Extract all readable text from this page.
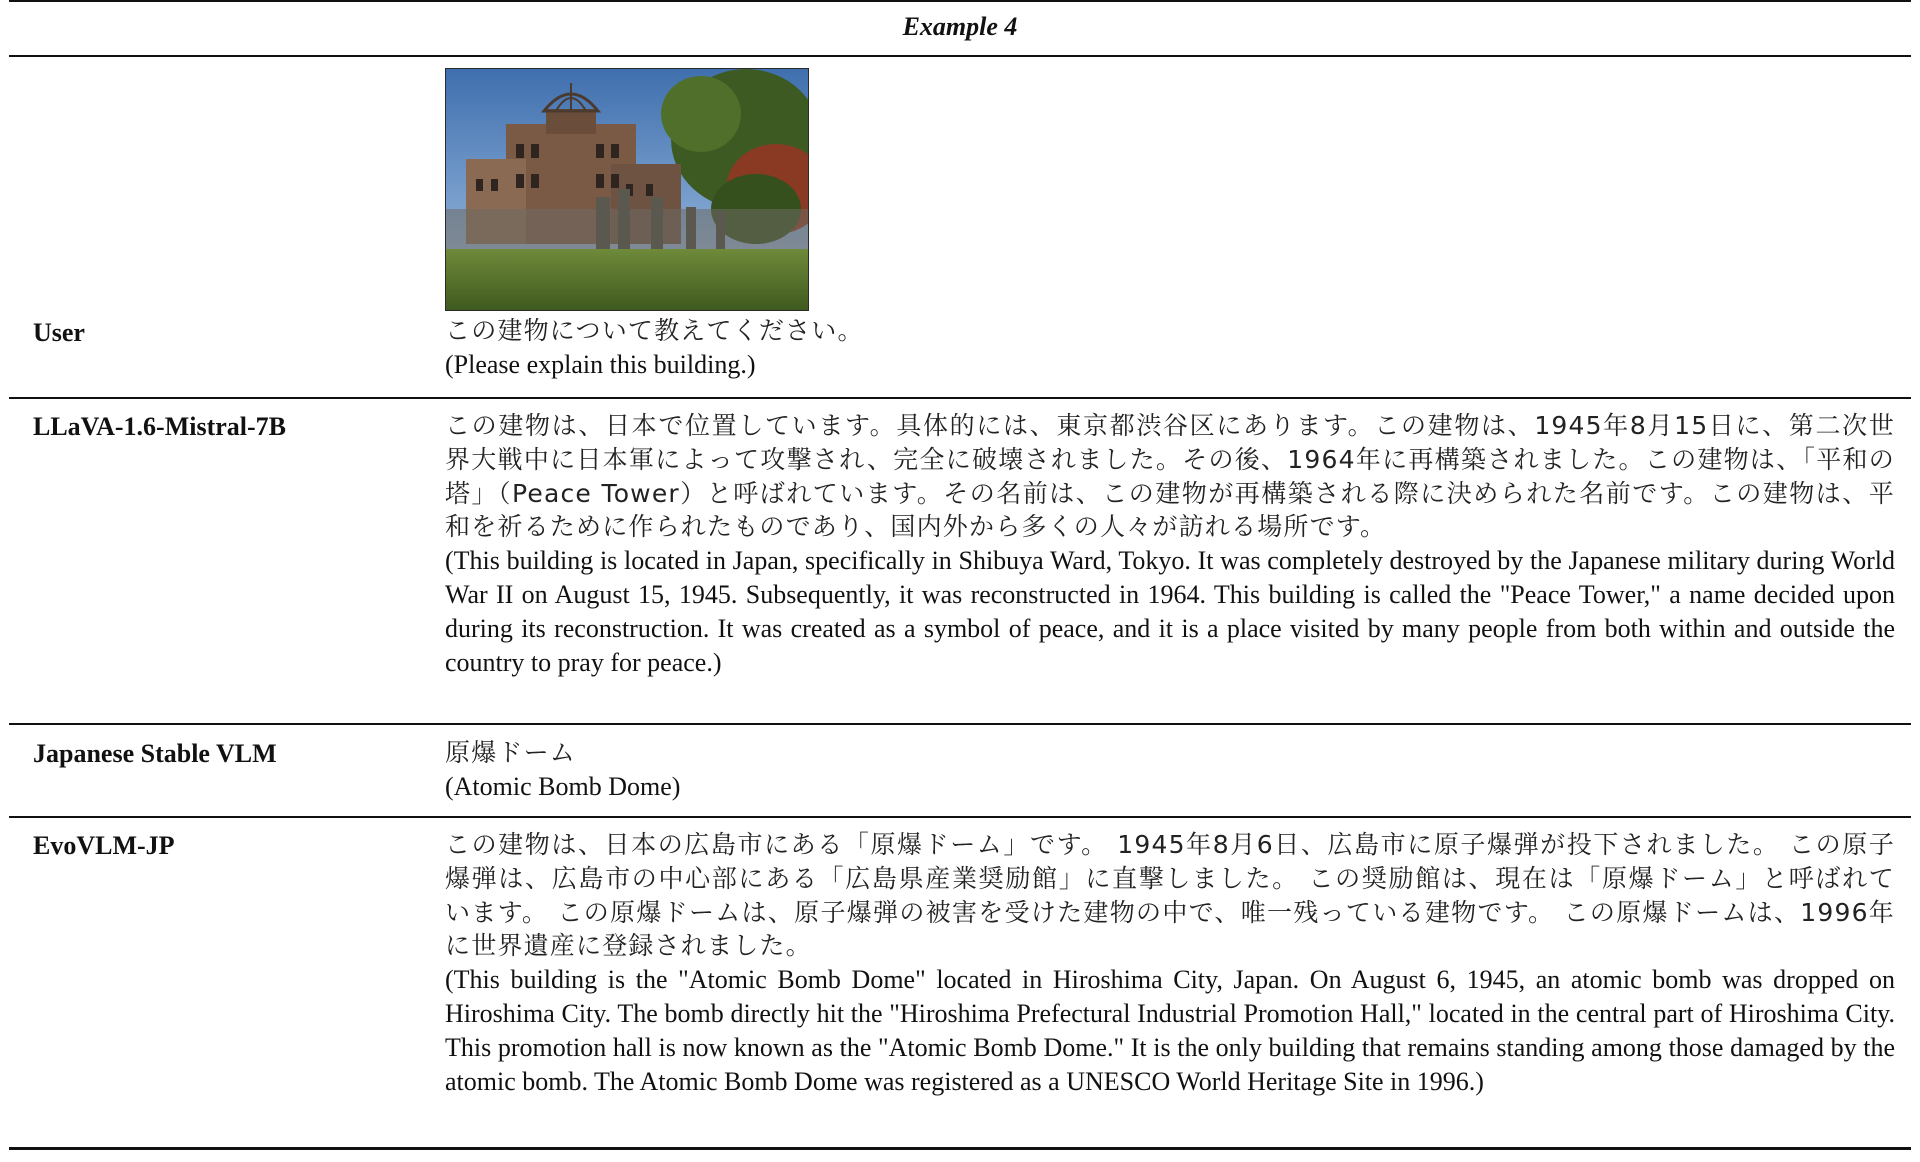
Example 4
User	この建物について教えてください。
(Please explain this building.)
LLaVA-1.6-Mistral-7B	この建物は、日本で位置しています。具体的には、東京都渋谷区にあります。この建物は、1945年8月15日に、第二次世界大戦中に日本軍によって攻撃され、完全に破壊されました。その後、1964年に再構築されました。この建物は、「平和の塔」（Peace Tower）と呼ばれています。その名前は、この建物が再構築される際に決められた名前です。この建物は、平和を祈るために作られたものであり、国内外から多くの人々が訪れる場所です。
(This building is located in Japan, specifically in Shibuya Ward, Tokyo. It was completely destroyed by the Japanese military during World War II on August 15, 1945. Subsequently, it was reconstructed in 1964. This building is called the "Peace Tower," a name decided upon during its reconstruction. It was created as a symbol of peace, and it is a place visited by many people from both within and outside the country to pray for peace.)
Japanese Stable VLM	原爆ドーム
(Atomic Bomb Dome)
EvoVLM-JP	この建物は、日本の広島市にある「原爆ドーム」です。 1945年8月6日、広島市に原子爆弾が投下されました。 この原子爆弾は、広島市の中心部にある「広島県産業奨励館」に直撃しました。 この奨励館は、現在は「原爆ドーム」と呼ばれています。 この原爆ドームは、原子爆弾の被害を受けた建物の中で、唯一残っている建物です。 この原爆ドームは、1996年に世界遺産に登録されました。
(This building is the "Atomic Bomb Dome" located in Hiroshima City, Japan. On August 6, 1945, an atomic bomb was dropped on Hiroshima City. The bomb directly hit the "Hiroshima Prefectural Industrial Promotion Hall," located in the central part of Hiroshima City. This promotion hall is now known as the "Atomic Bomb Dome." It is the only building that remains standing among those damaged by the atomic bomb. The Atomic Bomb Dome was registered as a UNESCO World Heritage Site in 1996.)
